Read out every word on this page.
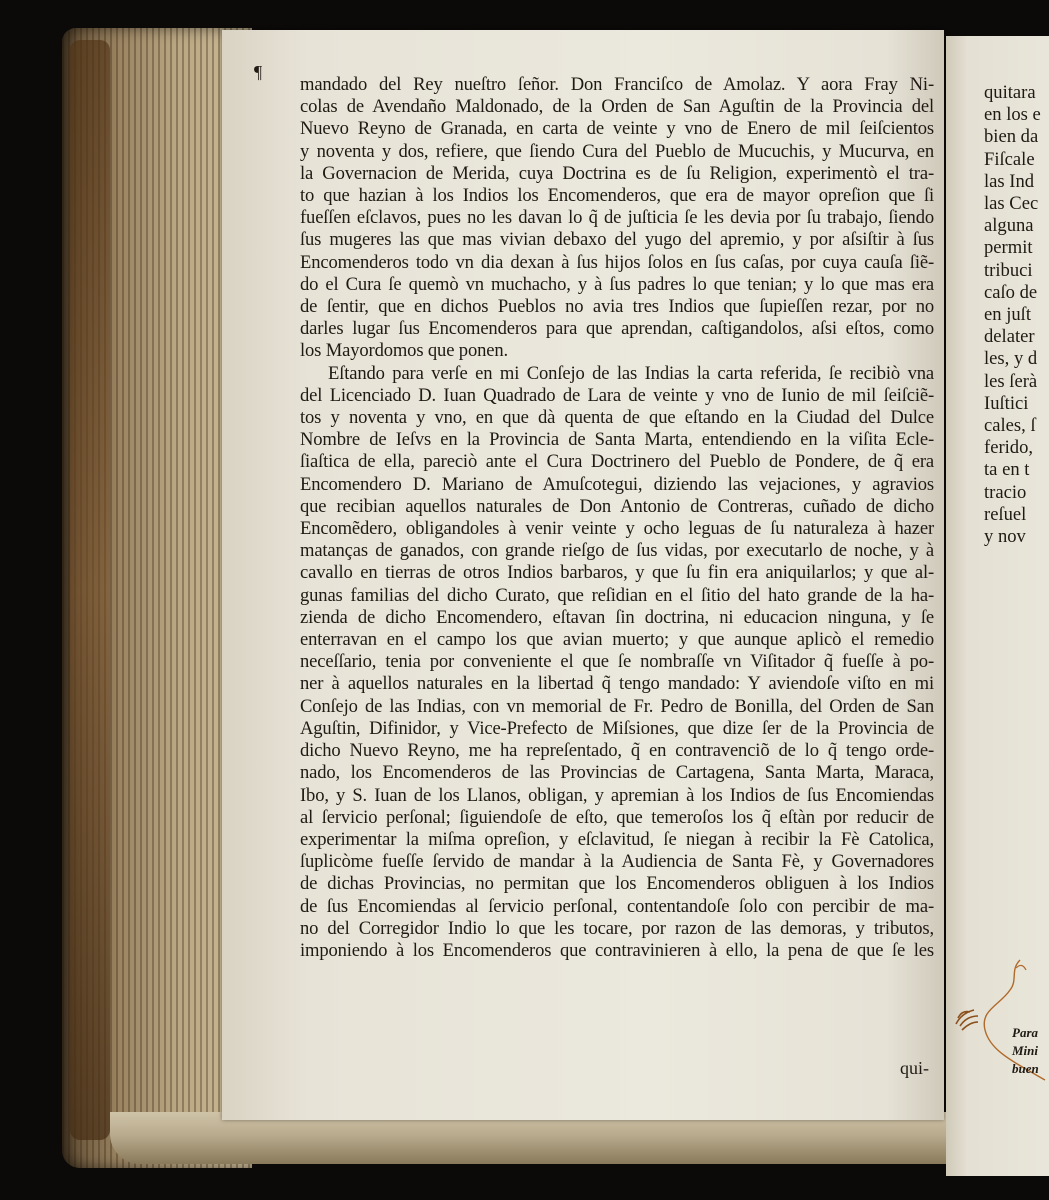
¶
mandado del Rey nueſtro ſeñor. Don Franciſco de Amolaz. Y aora Fray Ni-
colas de Avendaño Maldonado, de la Orden de San Aguſtin de la Provincia del
Nuevo Reyno de Granada, en carta de veinte y vno de Enero de mil ſeiſcientos
y noventa y dos, refiere, que ſiendo Cura del Pueblo de Mucuchis, y Mucurva, en
la Governacion de Merida, cuya Doctrina es de ſu Religion, experimentò el tra-
to que hazian à los Indios los Encomenderos, que era de mayor opreſion que ſi
fueſſen eſclavos, pues no les davan lo q̃ de juſticia ſe les devia por ſu trabajo, ſiendo
ſus mugeres las que mas vivian debaxo del yugo del apremio, y por aſsiſtir à ſus
Encomenderos todo vn dia dexan à ſus hijos ſolos en ſus caſas, por cuya cauſa ſiẽ-
do el Cura ſe quemò vn muchacho, y à ſus padres lo que tenian; y lo que mas era
de ſentir, que en dichos Pueblos no avia tres Indios que ſupieſſen rezar, por no
darles lugar ſus Encomenderos para que aprendan, caſtigandolos, aſsi eſtos, como
los Mayordomos que ponen.
Eſtando para verſe en mi Conſejo de las Indias la carta referida, ſe recibiò vna
del Licenciado D. Iuan Quadrado de Lara de veinte y vno de Iunio de mil ſeiſciẽ-
tos y noventa y vno, en que dà quenta de que eſtando en la Ciudad del Dulce
Nombre de Ieſvs en la Provincia de Santa Marta, entendiendo en la viſita Ecle-
ſiaſtica de ella, pareciò ante el Cura Doctrinero del Pueblo de Pondere, de q̃ era
Encomendero D. Mariano de Amuſcotegui, diziendo las vejaciones, y agravios
que recibian aquellos naturales de Don Antonio de Contreras, cuñado de dicho
Encomẽdero, obligandoles à venir veinte y ocho leguas de ſu naturaleza à hazer
matanças de ganados, con grande rieſgo de ſus vidas, por executarlo de noche, y à
cavallo en tierras de otros Indios barbaros, y que ſu fin era aniquilarlos; y que al-
gunas familias del dicho Curato, que reſidian en el ſitio del hato grande de la ha-
zienda de dicho Encomendero, eſtavan ſin doctrina, ni educacion ninguna, y ſe
enterravan en el campo los que avian muerto; y que aunque aplicò el remedio
neceſſario, tenia por conveniente el que ſe nombraſſe vn Viſitador q̃ fueſſe à po-
ner à aquellos naturales en la libertad q̃ tengo mandado: Y aviendoſe viſto en mi
Conſejo de las Indias, con vn memorial de Fr. Pedro de Bonilla, del Orden de San
Aguſtin, Difinidor, y Vice-Prefecto de Miſsiones, que dize ſer de la Provincia de
dicho Nuevo Reyno, me ha repreſentado, q̃ en contravenciõ de lo q̃ tengo orde-
nado, los Encomenderos de las Provincias de Cartagena, Santa Marta, Maraca,
Ibo, y S. Iuan de los Llanos, obligan, y apremian à los Indios de ſus Encomiendas
al ſervicio perſonal; ſiguiendoſe de eſto, que temeroſos los q̃ eſtàn por reducir de
experimentar la miſma opreſion, y eſclavitud, ſe niegan à recibir la Fè Catolica,
ſuplicòme fueſſe ſervido de mandar à la Audiencia de Santa Fè, y Governadores
de dichas Provincias, no permitan que los Encomenderos obliguen à los Indios
de ſus Encomiendas al ſervicio perſonal, contentandoſe ſolo con percibir de ma-
no del Corregidor Indio lo que les tocare, por razon de las demoras, y tributos,
imponiendo à los Encomenderos que contravinieren à ello, la pena de que ſe les
qui-
quitara
en los e
bien da
Fiſcale
las Ind
las Cec
alguna
permit
tribuci
caſo de
en juſt
delater
les, y d
les ſerà
Iuſtici
cales, ſ
ferido,
ta en t
tracio
reſuel
y nov
Para
Mini
buen
